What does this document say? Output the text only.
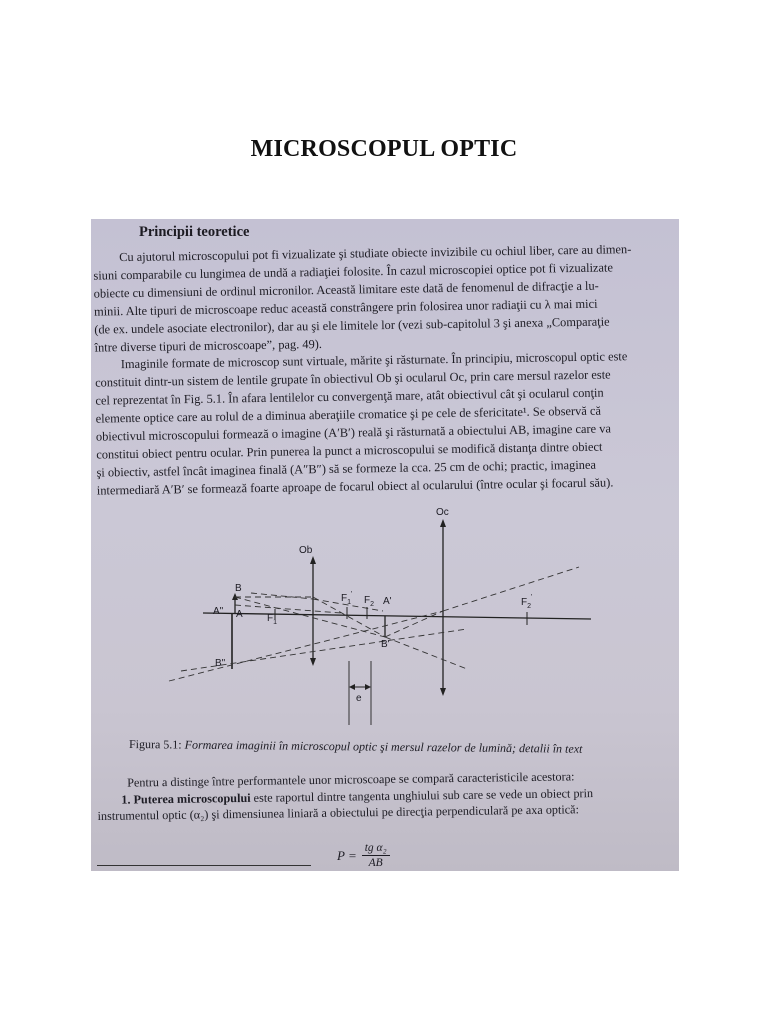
MICROSCOPUL OPTIC
Principii teoretice
Cu ajutorul microscopului pot fi vizualizate şi studiate obiecte invizibile cu ochiul liber, care au dimen-
siuni comparabile cu lungimea de undă a radiaţiei folosite. În cazul microscopiei optice pot fi vizualizate
obiecte cu dimensiuni de ordinul micronilor. Această limitare este dată de fenomenul de difracţie a lu-
minii. Alte tipuri de microscoape reduc această constrângere prin folosirea unor radiaţii cu λ mai mici
(de ex. undele asociate electronilor), dar au şi ele limitele lor (vezi sub-capitolul 3 şi anexa „Comparaţie
între diverse tipuri de microscoape”, pag. 49).
Imaginile formate de microscop sunt virtuale, mărite şi răsturnate. În principiu, microscopul optic este
constituit dintr-un sistem de lentile grupate în obiectivul Ob şi ocularul Oc, prin care mersul razelor este
cel reprezentat în Fig. 5.1. În afara lentilelor cu convergenţă mare, atât obiectivul cât şi ocularul conţin
elemente optice care au rolul de a diminua aberaţiile cromatice şi pe cele de sfericitate¹. Se observă că
obiectivul microscopului formează o imagine (A′B′) reală şi răsturnată a obiectului AB, imagine care va
constitui obiect pentru ocular. Prin punerea la punct a microscopului se modifică distanţa dintre obiect
şi obiectiv, astfel încât imaginea finală (A″B″) să se formeze la cca. 25 cm de ochi; practic, imaginea
intermediară A′B′ se formează foarte aproape de focarul obiect al ocularului (între ocular şi focarul său).
Oc
Ob
B
A" A $F_1$
$F_1'$
$F_2$ A'	$F_2'$
B'
B"
e
Figura 5.1: Formarea imaginii în microscopul optic şi mersul razelor de lumină; detalii în text
Pentru a distinge între performantele unor microscoape se compară caracteristicile acestora:
1. Puterea microscopului este raportul dintre tangenta unghiului sub care se vede un obiect prin
instrumentul optic (α₂) şi dimensiunea liniară a obiectului pe direcţia perpendiculară pe axa optică:
$P = \frac{\text{tg α₂}}{AB}$
